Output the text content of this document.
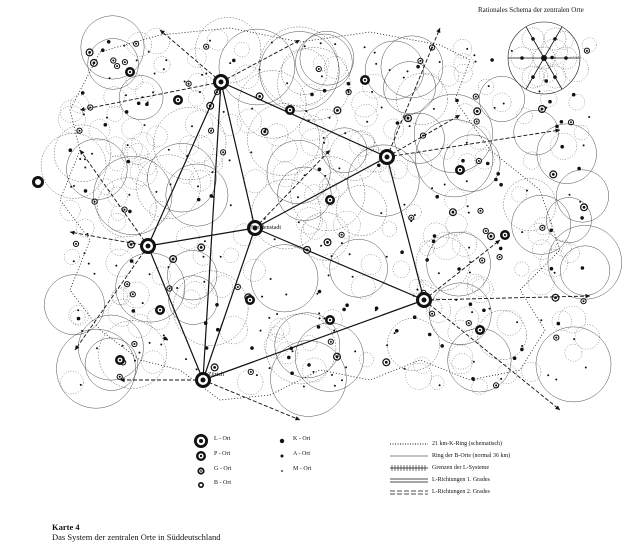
Rationales Schema der zentralen Orte
Zürich
Freudenstadt
L - Ort
P - Ort
G - Ort
B - Ort
K - Ort
A - Ort
M - Ort
21 km-K-Ring (schematisch)
Ring der B-Orte (normal 36 km)
Grenzen der L-Systeme
L-Richtungen 1. Grades
L-Richtungen 2. Grades
Karte 4
Das System der zentralen Orte in Süddeutschland
